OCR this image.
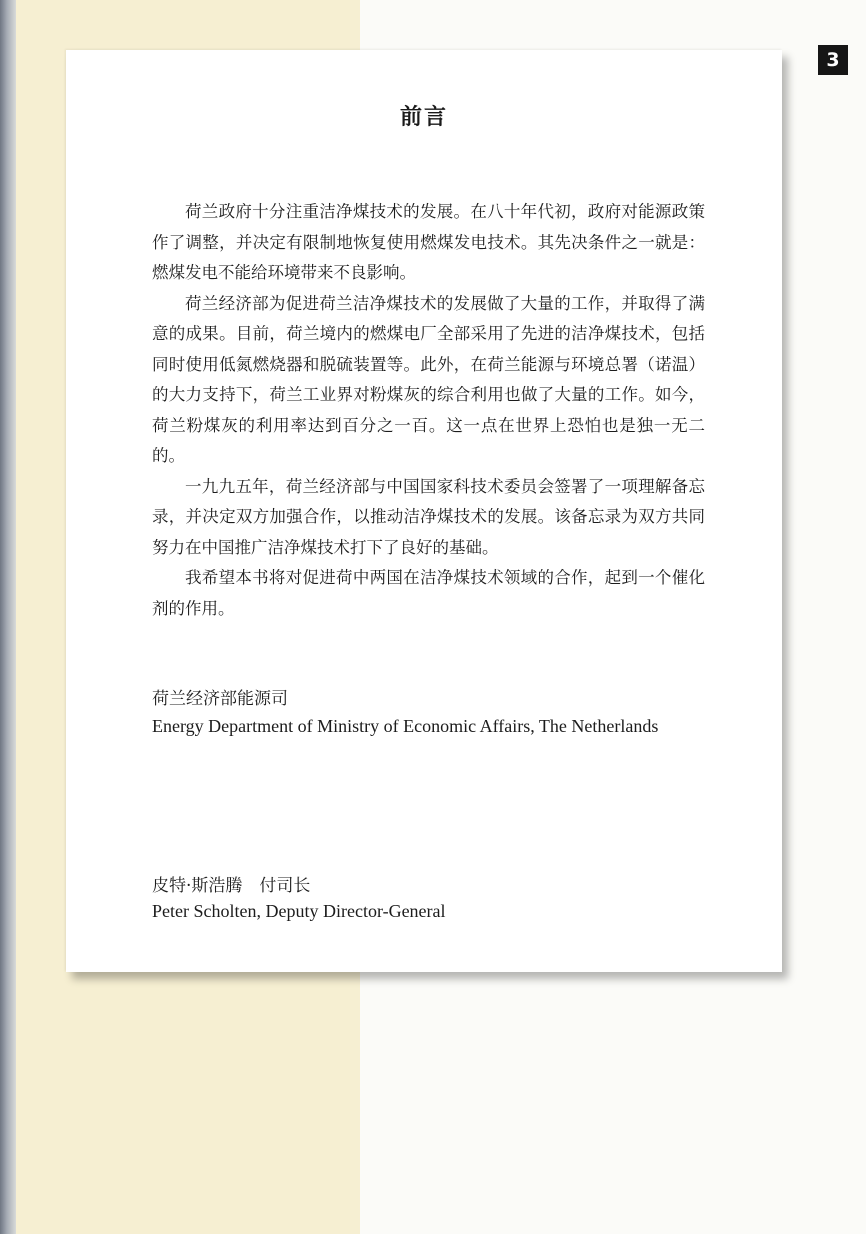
3
前言

荷兰政府十分注重洁净煤技术的发展。在八十年代初，政府对能源政策作了调整，并决定有限制地恢复使用燃煤发电技术。其先决条件之一就是：燃煤发电不能给环境带来不良影响。

荷兰经济部为促进荷兰洁净煤技术的发展做了大量的工作，并取得了满意的成果。目前，荷兰境内的燃煤电厂全部采用了先进的洁净煤技术，包括同时使用低氮燃烧器和脱硫装置等。此外，在荷兰能源与环境总署（诺温）的大力支持下，荷兰工业界对粉煤灰的综合利用也做了大量的工作。如今，荷兰粉煤灰的利用率达到百分之一百。这一点在世界上恐怕也是独一无二的。

一九九五年，荷兰经济部与中国国家科技术委员会签署了一项理解备忘录，并决定双方加强合作，以推动洁净煤技术的发展。该备忘录为双方共同努力在中国推广洁净煤技术打下了良好的基础。

我希望本书将对促进荷中两国在洁净煤技术领域的合作，起到一个催化剂的作用。

荷兰经济部能源司
Energy Department of Ministry of Economic Affairs, The Netherlands
皮特·斯浩腾　付司长
Peter Scholten, Deputy Director-General
